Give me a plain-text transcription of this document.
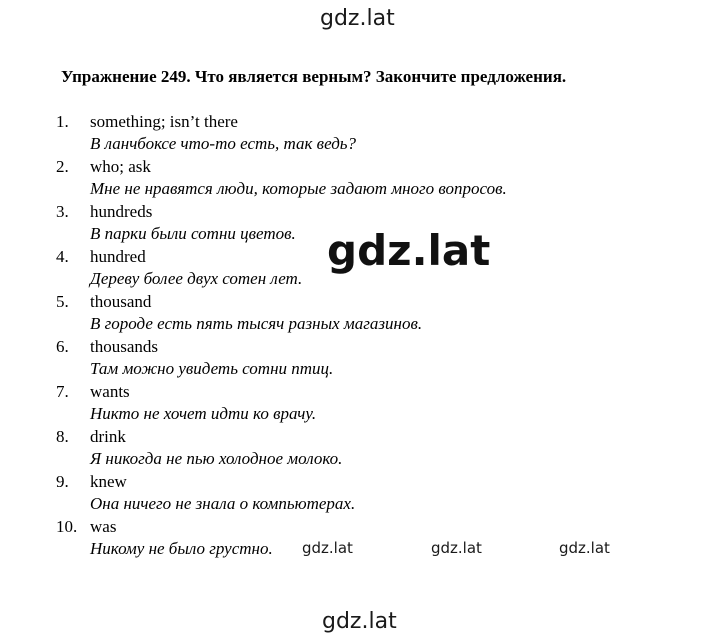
gdz.lat
Упражнение 249. Что является верным? Закончите предложения.
1. something; isn’t there
В ланчбоксе что-то есть, так ведь?
2. who; ask
Мне не нравятся люди, которые задают много вопросов.
3. hundreds
В парки были сотни цветов.
4. hundred
Дереву более двух сотен лет.
5. thousand
В городе есть пять тысяч разных магазинов.
6. thousands
Там можно увидеть сотни птиц.
7. wants
Никто не хочет идти ко врачу.
8. drink
Я никогда не пью холодное молоко.
9. knew
Она ничего не знала о компьютерах.
10. was
Никому не было грустно.
gdz.lat
gdz.lat	gdz.lat	gdz.lat
gdz.lat
